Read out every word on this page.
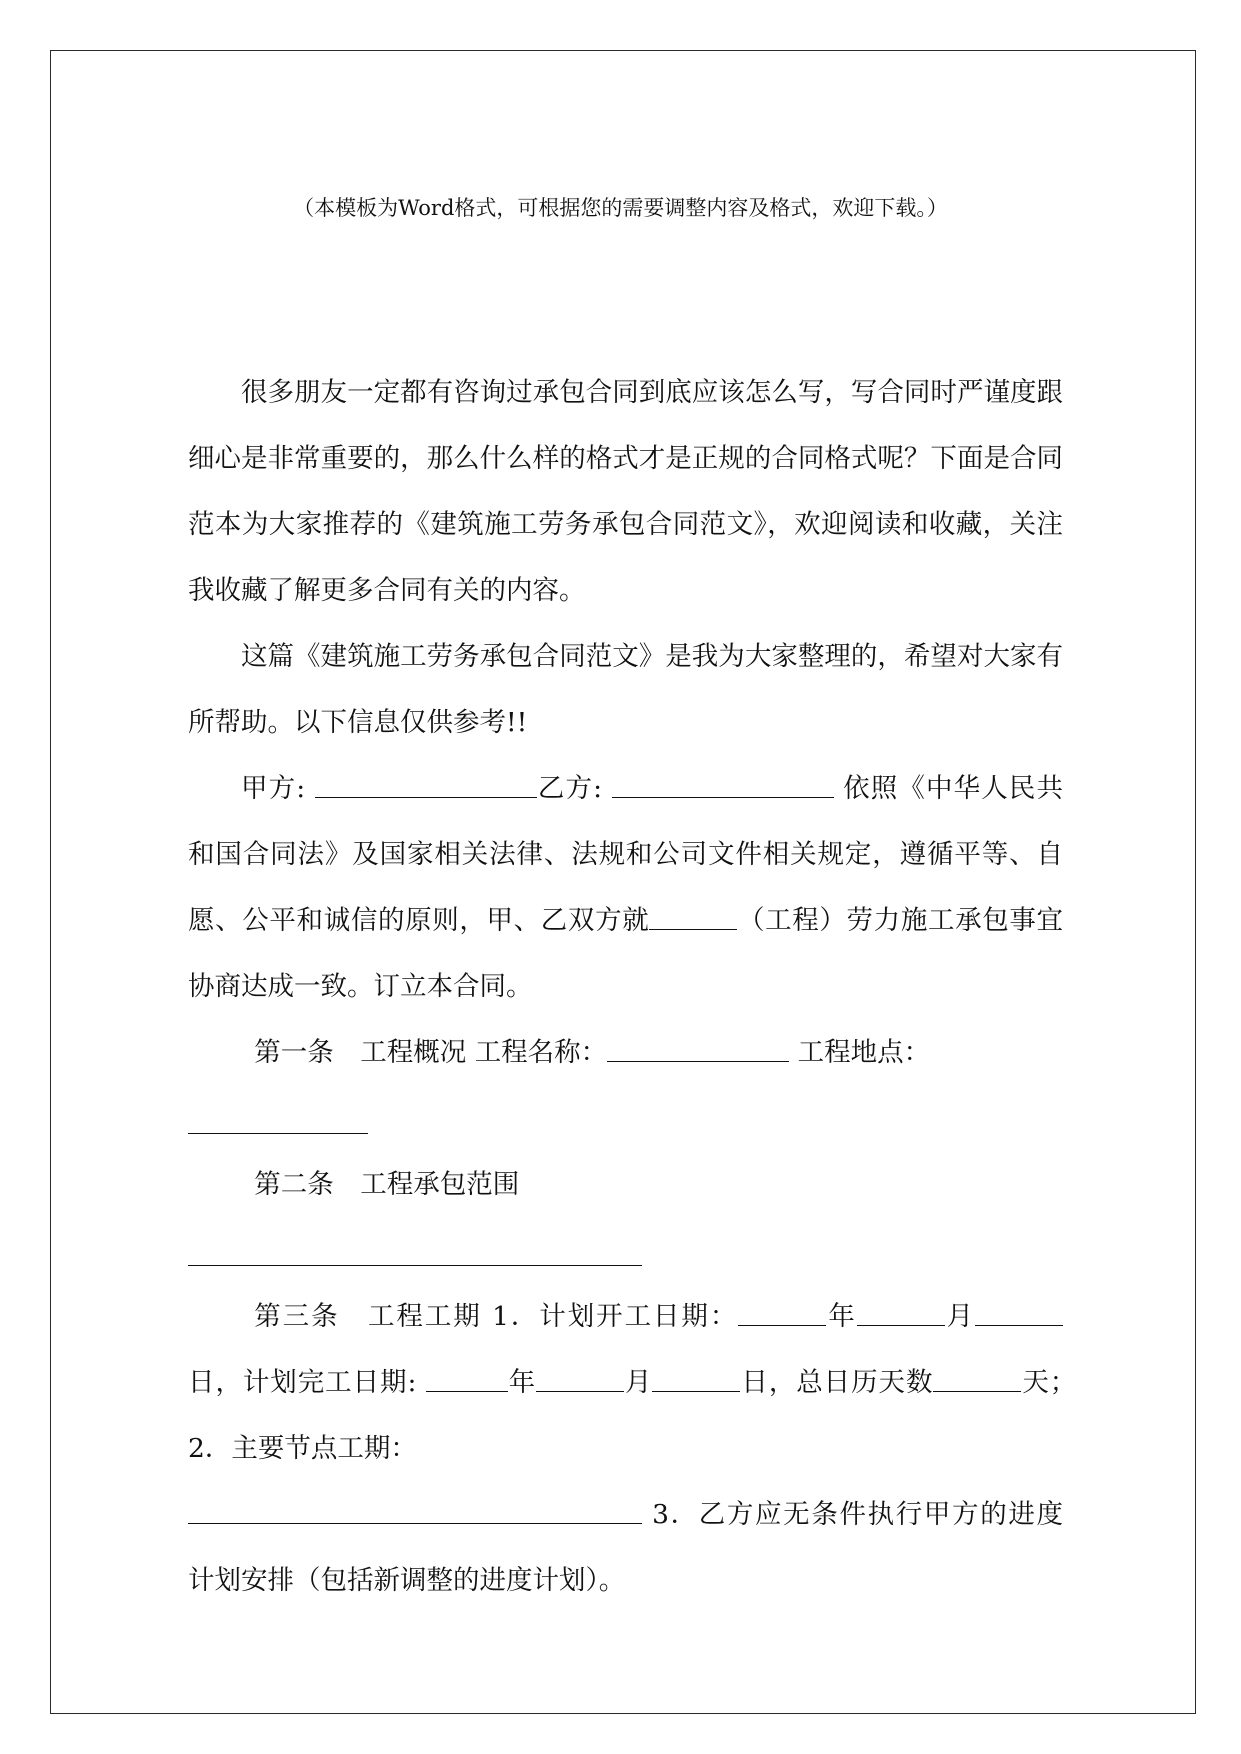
（本模板为Word格式，可根据您的需要调整内容及格式，欢迎下载。）

很多朋友一定都有咨询过承包合同到底应该怎么写，写合同时严谨度跟细心是非常重要的，那么什么样的格式才是正规的合同格式呢？下面是合同范本为大家推荐的《建筑施工劳务承包合同范文》，欢迎阅读和收藏，关注我收藏了解更多合同有关的内容。

这篇《建筑施工劳务承包合同范文》是我为大家整理的，希望对大家有所帮助。以下信息仅供参考!!

甲方:	乙方:	依照《中华人民共和国合同法》及国家相关法律、法规和公司文件相关规定，遵循平等、自愿、公平和诚信的原则，甲、乙双方就	（工程）劳力施工承包事宜协商达成一致。订立本合同。

第一条　 工程概况 工程名称：	工程地点：

第二条　 工程承包范围

第三条　 工程工期 1．计划开工日期：	年	月日，计划完工日期:	年	月	日，总日历天数	天；　2．主要节点工期：

3．乙方应无条件执行甲方的进度计划安排（包括新调整的进度计划）。
